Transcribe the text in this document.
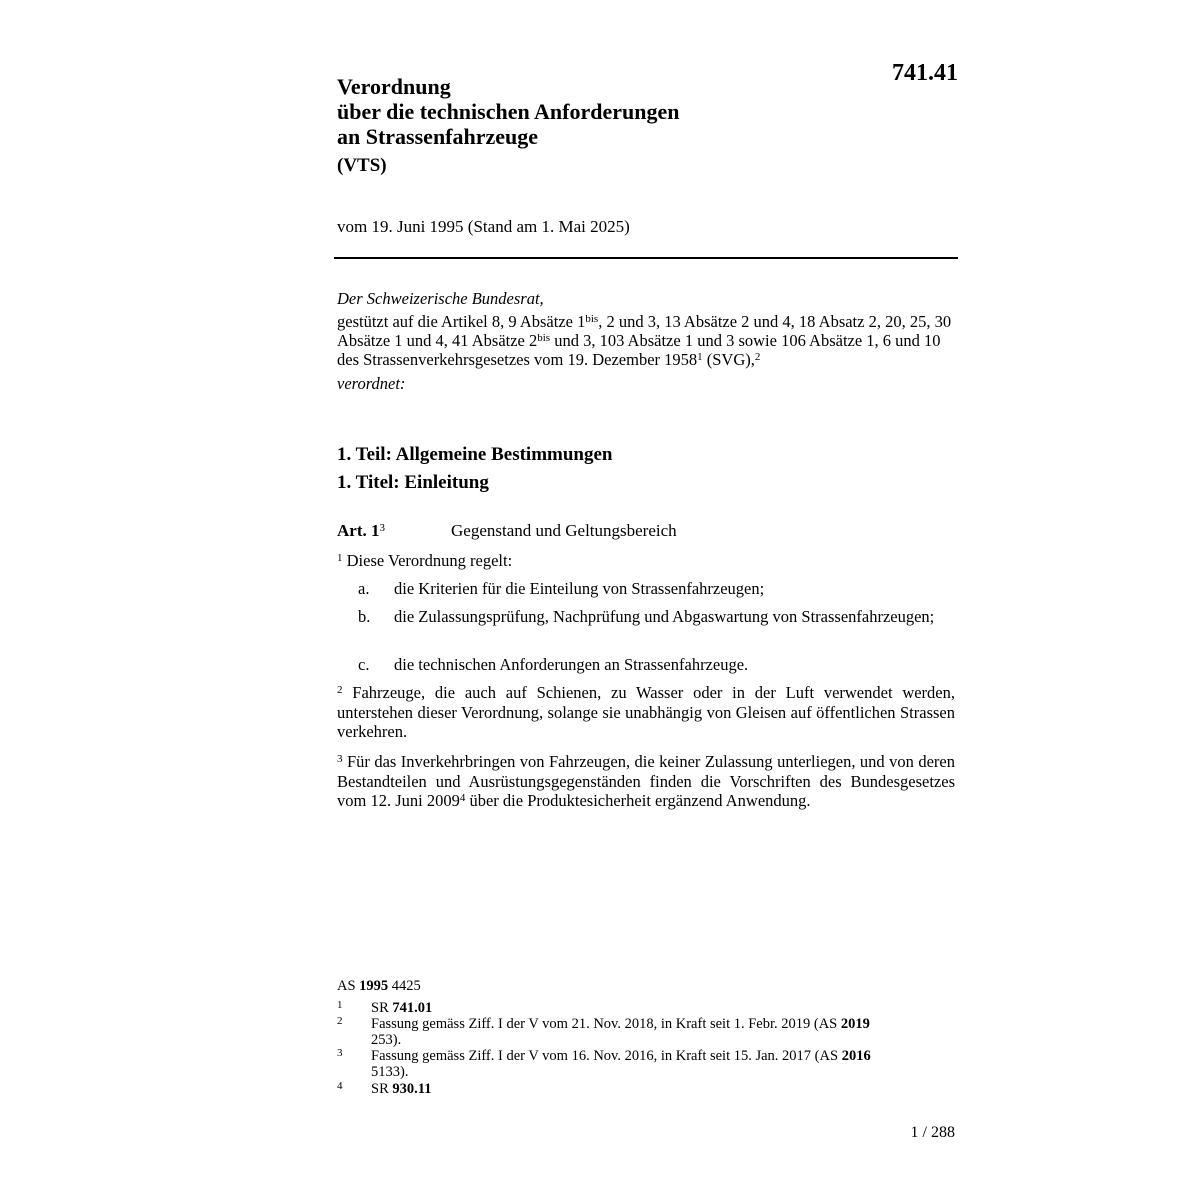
741.41
Verordnung
über die technischen Anforderungen
an Strassenfahrzeuge
(VTS)
vom 19. Juni 1995 (Stand am 1. Mai 2025)
Der Schweizerische Bundesrat,
gestützt auf die Artikel 8, 9 Absätze $1^{bis}$, 2 und 3, 13 Absätze 2 und 4, 18 Absatz 2, 20, 25, 30 Absätze 1 und 4, 41 Absätze $2^{bis}$ und 3, 103 Absätze 1 und 3 sowie 106 Absätze 1, 6 und 10 des Strassenverkehrsgesetzes vom 19. Dezember 1958$^1$ (SVG),$^2$
verordnet:
1. Teil: Allgemeine Bestimmungen
1. Titel: Einleitung
Art. $1^3$	Gegenstand und Geltungsbereich
$^1$ Diese Verordnung regelt:
a. die Kriterien für die Einteilung von Strassenfahrzeugen;
b. die Zulassungsprüfung, Nachprüfung und Abgaswartung von Strassenfahrzeugen;
c. die technischen Anforderungen an Strassenfahrzeuge.
$^2$ Fahrzeuge, die auch auf Schienen, zu Wasser oder in der Luft verwendet werden, unterstehen dieser Verordnung, solange sie unabhängig von Gleisen auf öffentlichen Strassen verkehren.
$^3$ Für das Inverkehrbringen von Fahrzeugen, die keiner Zulassung unterliegen, und von deren Bestandteilen und Ausrüstungsgegenständen finden die Vorschriften des Bundesgesetzes vom 12. Juni 2009$^4$ über die Produktesicherheit ergänzend Anwendung.
AS 1995 4425
1 SR 741.01
2 Fassung gemäss Ziff. I der V vom 21. Nov. 2018, in Kraft seit 1. Febr. 2019 (AS 2019 253).
3 Fassung gemäss Ziff. I der V vom 16. Nov. 2016, in Kraft seit 15. Jan. 2017 (AS 2016 5133).
4 SR 930.11
1 / 288
